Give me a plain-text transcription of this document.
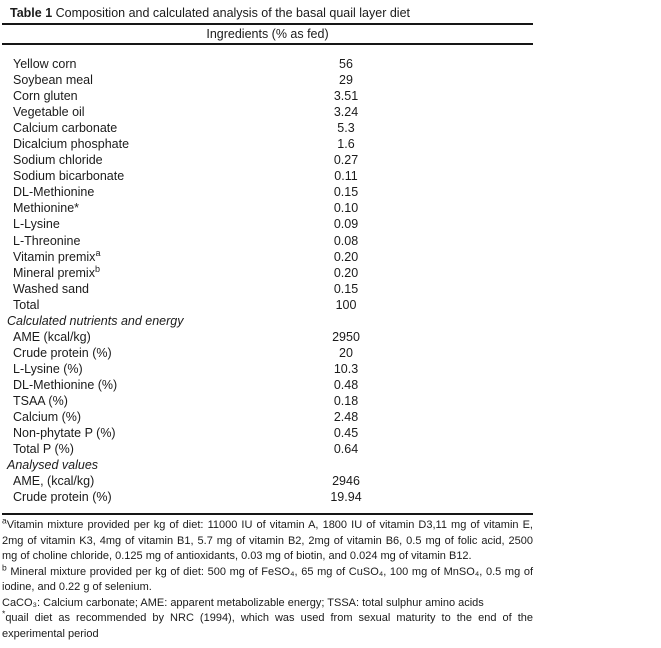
Table 1 Composition and calculated analysis of the basal quail layer diet
Ingredients (% as fed)
Yellow corn	56
Soybean meal	29
Corn gluten	3.51
Vegetable oil	3.24
Calcium carbonate	5.3
Dicalcium phosphate	1.6
Sodium chloride	0.27
Sodium bicarbonate	0.11
DL-Methionine	0.15
Methionine*	0.10
L-Lysine	0.09
L-Threonine	0.08
Vitamin premix$^a$	0.20
Mineral premix$^b$	0.20
Washed sand	0.15
Total	100
Calculated nutrients and energy
AME (kcal/kg)	2950
Crude protein (%)	20
L-Lysine (%)	10.3
DL-Methionine (%)	0.48
TSAA (%)	0.18
Calcium (%)	2.48
Non-phytate P (%)	0.45
Total P (%)	0.64
Analysed values
AME, (kcal/kg)	2946
Crude protein (%)	19.94
$^a$Vitamin mixture provided per kg of diet: 11000 IU of vitamin A, 1800 IU of vitamin D3,11 mg of vitamin E,
2mg of vitamin K3, 4mg of vitamin B1, 5.7 mg of vitamin B2, 2mg of vitamin B6, 0.5 mg of folic acid, 2500
mg of choline chloride, 0.125 mg of antioxidants, 0.03 mg of biotin, and 0.024 mg of vitamin B12.
$^b$ Mineral mixture provided per kg of diet: 500 mg of FeSO₄, 65 mg of CuSO₄, 100 mg of MnSO₄, 0.5 mg of
iodine, and 0.22 g of selenium.
CaCO₃: Calcium carbonate; AME: apparent metabolizable energy; TSSA: total sulphur amino acids
*quail diet as recommended by NRC (1994), which was used from sexual maturity to the end of the
experimental period
